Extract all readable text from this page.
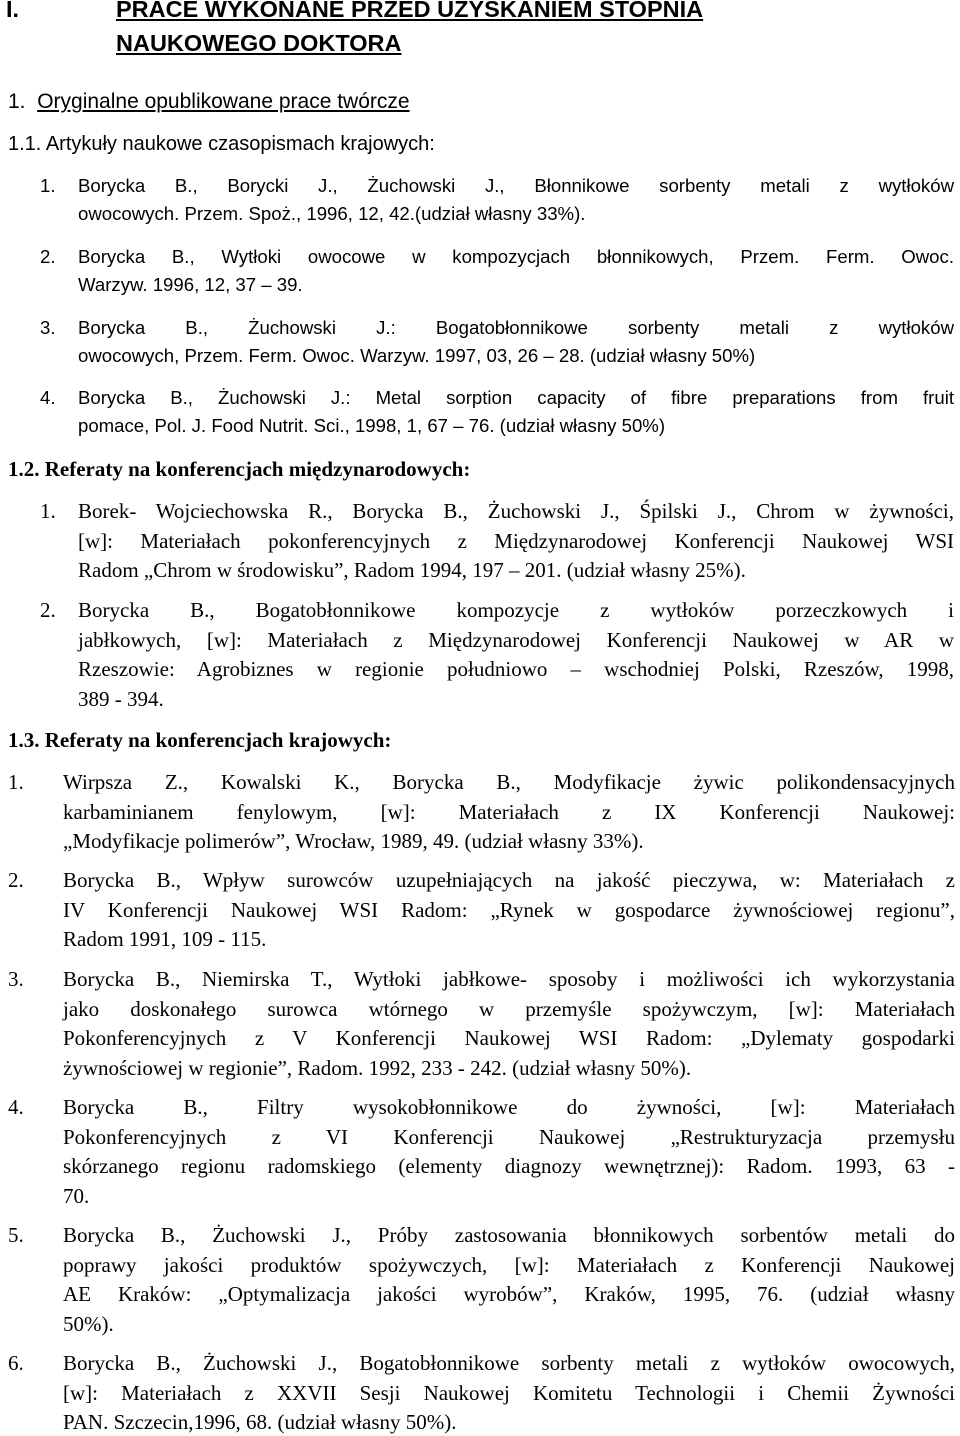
I.	PRACE WYKONANE PRZED UZYSKANIEM STOPNIA
NAUKOWEGO DOKTORA
1. Oryginalne opublikowane prace twórcze
1.1. Artykuły naukowe czasopismach krajowych:
1. Borycka B., Borycki J., Żuchowski J., Błonnikowe sorbenty metali z wytłoków
owocowych. Przem. Spoż., 1996, 12, 42.(udział własny 33%).
2. Borycka B., Wytłoki owocowe w kompozycjach błonnikowych, Przem. Ferm. Owoc.
Warzyw. 1996, 12, 37 – 39.
3. Borycka B., Żuchowski J.: Bogatobłonnikowe sorbenty metali z wytłoków
owocowych, Przem. Ferm. Owoc. Warzyw. 1997, 03, 26 – 28. (udział własny 50%)
4. Borycka B., Żuchowski J.: Metal sorption capacity of fibre preparations from fruit
pomace, Pol. J. Food Nutrit. Sci., 1998, 1, 67 – 76. (udział własny 50%)
1.2. Referaty na konferencjach międzynarodowych:
1. Borek- Wojciechowska R., Borycka B., Żuchowski J., Śpilski J., Chrom w żywności,
[w]: Materiałach pokonferencyjnych z Międzynarodowej Konferencji Naukowej WSI
Radom „Chrom w środowisku”, Radom 1994, 197 – 201. (udział własny 25%).
2. Borycka B., Bogatobłonnikowe kompozycje z wytłoków porzeczkowych i
jabłkowych, [w]: Materiałach z Międzynarodowej Konferencji Naukowej w AR w
Rzeszowie: Agrobiznes w regionie południowo – wschodniej Polski, Rzeszów, 1998,
389 - 394.
1.3. Referaty na konferencjach krajowych:
1. Wirpsza Z., Kowalski K., Borycka B., Modyfikacje żywic polikondensacyjnych
karbaminianem fenylowym, [w]: Materiałach z IX Konferencji Naukowej:
„Modyfikacje polimerów”, Wrocław, 1989, 49. (udział własny 33%).
2. Borycka B., Wpływ surowców uzupełniających na jakość pieczywa, w: Materiałach z
IV Konferencji Naukowej WSI Radom: „Rynek w gospodarce żywnościowej regionu”,
Radom 1991, 109 - 115.
3. Borycka B., Niemirska T., Wytłoki jabłkowe- sposoby i możliwości ich wykorzystania
jako doskonałego surowca wtórnego w przemyśle spożywczym, [w]: Materiałach
Pokonferencyjnych z V Konferencji Naukowej WSI Radom: „Dylematy gospodarki
żywnościowej w regionie”, Radom. 1992, 233 - 242. (udział własny 50%).
4. Borycka B., Filtry wysokobłonnikowe do żywności, [w]: Materiałach
Pokonferencyjnych z VI Konferencji Naukowej „Restrukturyzacja przemysłu
skórzanego regionu radomskiego (elementy diagnozy wewnętrznej): Radom. 1993, 63 -
70.
5. Borycka B., Żuchowski J., Próby zastosowania błonnikowych sorbentów metali do
poprawy jakości produktów spożywczych, [w]: Materiałach z Konferencji Naukowej
AE Kraków: „Optymalizacja jakości wyrobów”, Kraków, 1995, 76. (udział własny
50%).
6. Borycka B., Żuchowski J., Bogatobłonnikowe sorbenty metali z wytłoków owocowych,
[w]: Materiałach z XXVII Sesji Naukowej Komitetu Technologii i Chemii Żywności
PAN. Szczecin,1996, 68. (udział własny 50%).
